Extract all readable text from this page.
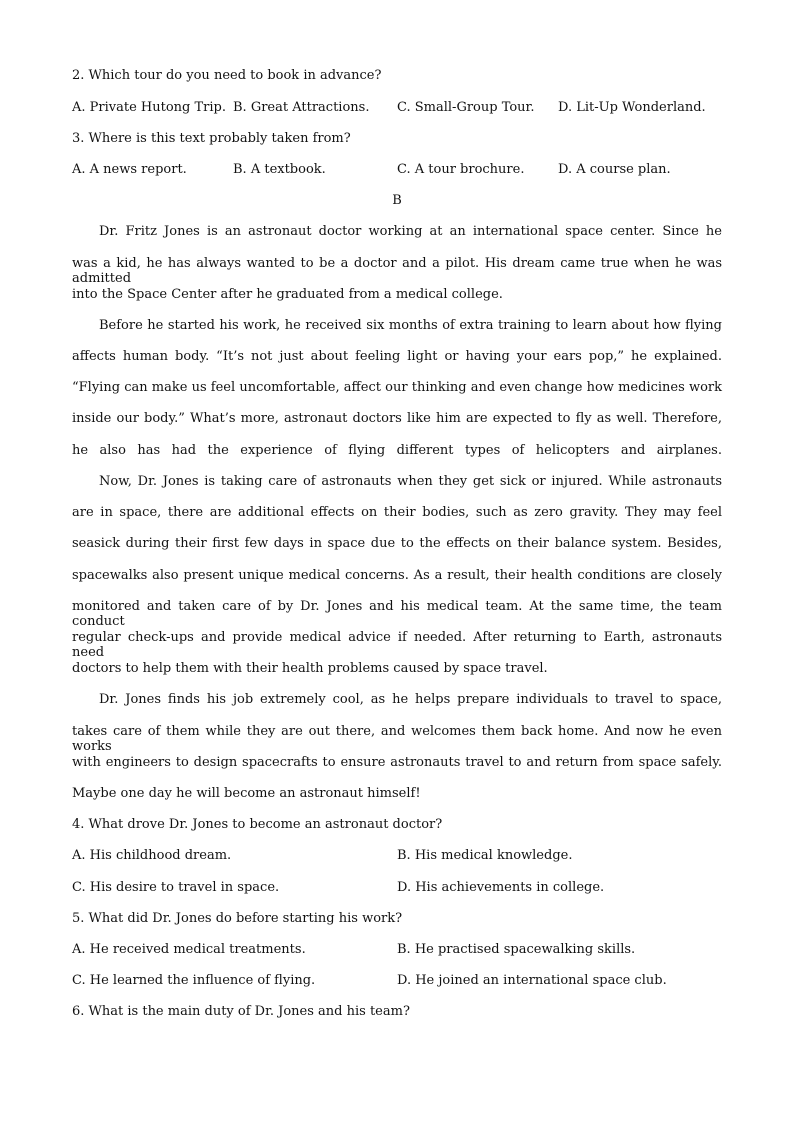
2. Which tour do you need to book in advance?
A. Private Hutong Trip. B. Great Attractions. C. Small-Group Tour. D. Lit-Up Wonderland.
3. Where is this text probably taken from?
A. A news report.	B. A textbook.	C. A tour brochure.	D. A course plan.
B
Dr. Fritz Jones is an astronaut doctor working at an international space center. Since he
was a kid, he has always wanted to be a doctor and a pilot. His dream came true when he was admitted
into the Space Center after he graduated from a medical college.
Before he started his work, he received six months of extra training to learn about how flying
affects human body. “It’s not just about feeling light or having your ears pop,” he explained.
“Flying can make us feel uncomfortable, affect our thinking and even change how medicines work
inside our body.” What’s more, astronaut doctors like him are expected to fly as well. Therefore,
he also has had the experience of flying different types of helicopters and airplanes.
Now, Dr. Jones is taking care of astronauts when they get sick or injured. While astronauts
are in space, there are additional effects on their bodies, such as zero gravity. They may feel
seasick during their first few days in space due to the effects on their balance system. Besides,
spacewalks also present unique medical concerns. As a result, their health conditions are closely
monitored and taken care of by Dr. Jones and his medical team. At the same time, the team conduct
regular check-ups and provide medical advice if needed. After returning to Earth, astronauts need
doctors to help them with their health problems caused by space travel.
Dr. Jones finds his job extremely cool, as he helps prepare individuals to travel to space,
takes care of them while they are out there, and welcomes them back home. And now he even works
with engineers to design spacecrafts to ensure astronauts travel to and return from space safely.
Maybe one day he will become an astronaut himself!
4. What drove Dr. Jones to become an astronaut doctor?
A. His childhood dream.	B. His medical knowledge.
C. His desire to travel in space.	D. His achievements in college.
5. What did Dr. Jones do before starting his work?
A. He received medical treatments.	B. He practised spacewalking skills.
C. He learned the influence of flying.	D. He joined an international space club.
6. What is the main duty of Dr. Jones and his team?
